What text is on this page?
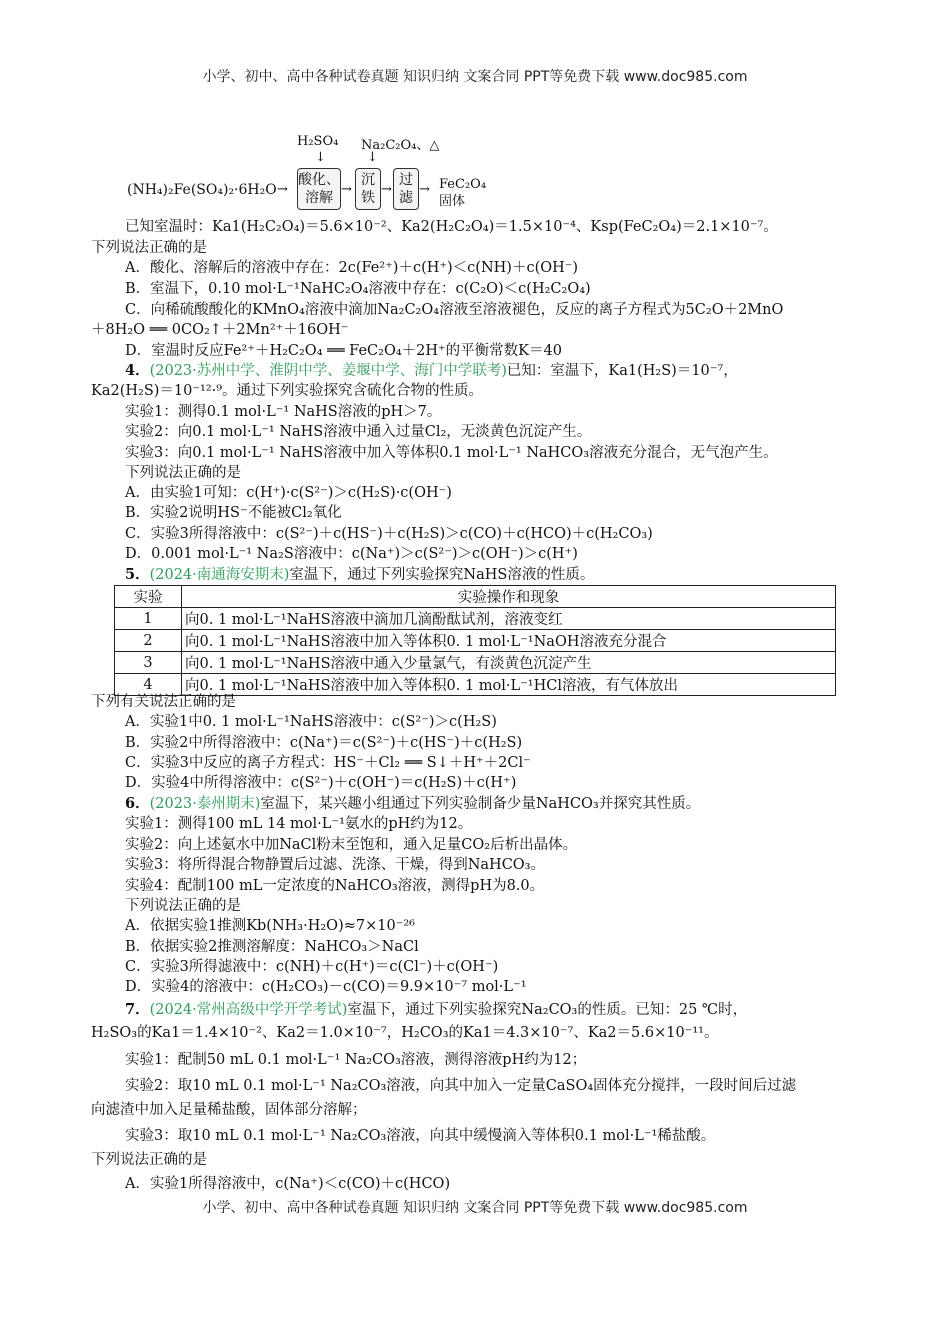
小学、初中、高中各种试卷真题 知识归纳 文案合同 PPT等免费下载 www.doc985.com
H₂SO₄ Na₂C₂O₄、△
↓	↓
(NH₄)₂Fe(SO₄)₂·6H₂O →
酸化、溶解
→
沉铁
→
过滤
→ FeC₂O₄ 固体
已知室温时：Ka1(H₂C₂O₄)＝5.6×10⁻²、Ka2(H₂C₂O₄)＝1.5×10⁻⁴、Ksp(FeC₂O₄)＝2.1×10⁻⁷。
下列说法正确的是
A．酸化、溶解后的溶液中存在：2c(Fe²⁺)＋c(H⁺)＜c(NH)＋c(OH⁻)
B．室温下，0.10 mol·L⁻¹NaHC₂O₄溶液中存在：c(C₂O)＜c(H₂C₂O₄)
C．向稀硫酸酸化的KMnO₄溶液中滴加Na₂C₂O₄溶液至溶液褪色，反应的离子方程式为5C₂O＋2MnO
＋8H₂O ══ 0CO₂↑＋2Mn²⁺＋16OH⁻
D．室温时反应Fe²⁺＋H₂C₂O₄ ══ FeC₂O₄＋2H⁺的平衡常数K＝40
4．(2023·苏州中学、淮阴中学、姜堰中学、海门中学联考)已知：室温下，Ka1(H₂S)＝10⁻⁷，
Ka2(H₂S)＝10⁻¹²·⁹。通过下列实验探究含硫化合物的性质。
实验1：测得0.1 mol·L⁻¹ NaHS溶液的pH＞7。
实验2：向0.1 mol·L⁻¹ NaHS溶液中通入过量Cl₂，无淡黄色沉淀产生。
实验3：向0.1 mol·L⁻¹ NaHS溶液中加入等体积0.1 mol·L⁻¹ NaHCO₃溶液充分混合，无气泡产生。
下列说法正确的是
A．由实验1可知：c(H⁺)·c(S²⁻)＞c(H₂S)·c(OH⁻)
B．实验2说明HS⁻不能被Cl₂氧化
C．实验3所得溶液中：c(S²⁻)＋c(HS⁻)＋c(H₂S)＞c(CO)＋c(HCO)＋c(H₂CO₃)
D．0.001 mol·L⁻¹ Na₂S溶液中：c(Na⁺)＞c(S²⁻)＞c(OH⁻)＞c(H⁺)
5．(2024·南通海安期末)室温下，通过下列实验探究NaHS溶液的性质。
实验	实验操作和现象
1	向0. 1 mol·L⁻¹NaHS溶液中滴加几滴酚酞试剂，溶液变红
2	向0. 1 mol·L⁻¹NaHS溶液中加入等体积0. 1 mol·L⁻¹NaOH溶液充分混合
3	向0. 1 mol·L⁻¹NaHS溶液中通入少量氯气，有淡黄色沉淀产生
4	向0. 1 mol·L⁻¹NaHS溶液中加入等体积0. 1 mol·L⁻¹HCl溶液，有气体放出
下列有关说法正确的是
A．实验1中0. 1 mol·L⁻¹NaHS溶液中：c(S²⁻)＞c(H₂S)
B．实验2中所得溶液中：c(Na⁺)＝c(S²⁻)＋c(HS⁻)＋c(H₂S)
C．实验3中反应的离子方程式：HS⁻＋Cl₂ ══ S↓＋H⁺＋2Cl⁻
D．实验4中所得溶液中：c(S²⁻)＋c(OH⁻)＝c(H₂S)＋c(H⁺)
6．(2023·泰州期末)室温下，某兴趣小组通过下列实验制备少量NaHCO₃并探究其性质。
实验1：测得100 mL 14 mol·L⁻¹氨水的pH约为12。
实验2：向上述氨水中加NaCl粉末至饱和，通入足量CO₂后析出晶体。
实验3：将所得混合物静置后过滤、洗涤、干燥，得到NaHCO₃。
实验4：配制100 mL一定浓度的NaHCO₃溶液，测得pH为8.0。
下列说法正确的是
A．依据实验1推测Kb(NH₃·H₂O)≈7×10⁻²⁶
B．依据实验2推测溶解度：NaHCO₃＞NaCl
C．实验3所得滤液中：c(NH)＋c(H⁺)＝c(Cl⁻)＋c(OH⁻)
D．实验4的溶液中：c(H₂CO₃)－c(CO)＝9.9×10⁻⁷ mol·L⁻¹
7．(2024·常州高级中学开学考试)室温下，通过下列实验探究Na₂CO₃的性质。已知：25 ℃时，
H₂SO₃的Ka1＝1.4×10⁻²、Ka2＝1.0×10⁻⁷，H₂CO₃的Ka1＝4.3×10⁻⁷、Ka2＝5.6×10⁻¹¹。
实验1：配制50 mL 0.1 mol·L⁻¹ Na₂CO₃溶液，测得溶液pH约为12；
实验2：取10 mL 0.1 mol·L⁻¹ Na₂CO₃溶液，向其中加入一定量CaSO₄固体充分搅拌，一段时间后过滤
向滤渣中加入足量稀盐酸，固体部分溶解；
实验3：取10 mL 0.1 mol·L⁻¹ Na₂CO₃溶液，向其中缓慢滴入等体积0.1 mol·L⁻¹稀盐酸。
下列说法正确的是
A．实验1所得溶液中，c(Na⁺)＜c(CO)＋c(HCO)
小学、初中、高中各种试卷真题 知识归纳 文案合同 PPT等免费下载 www.doc985.com
